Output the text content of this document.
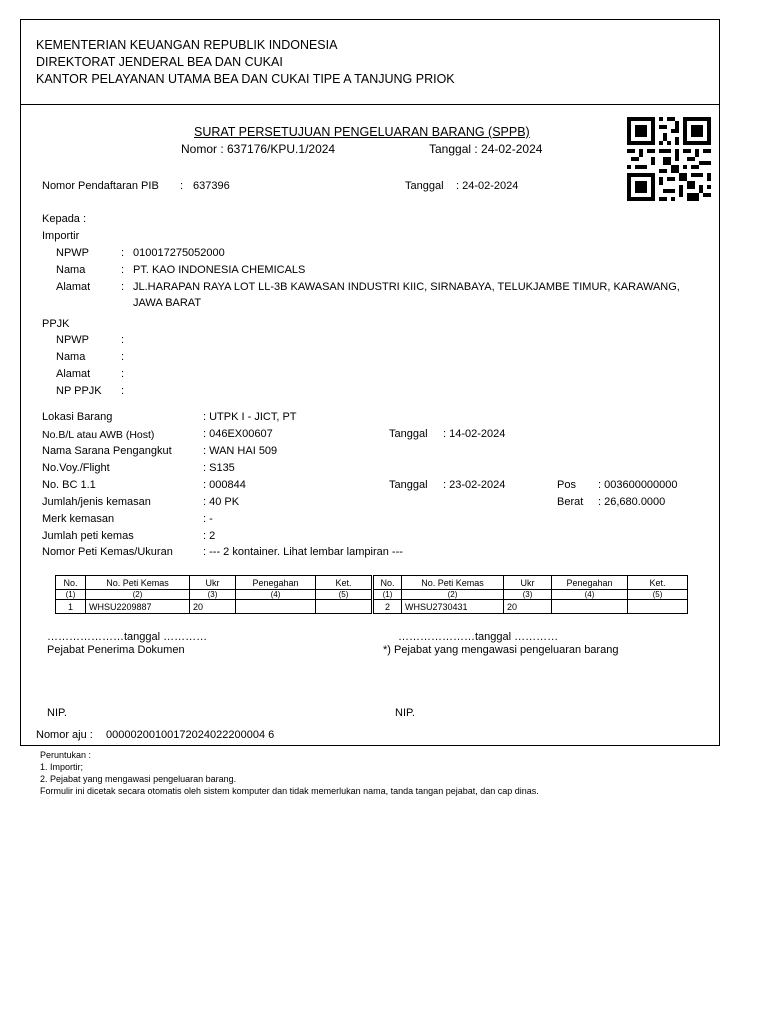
KEMENTERIAN KEUANGAN REPUBLIK INDONESIA
DIREKTORAT JENDERAL BEA DAN CUKAI
KANTOR PELAYANAN UTAMA BEA DAN CUKAI TIPE A TANJUNG PRIOK
SURAT PERSETUJUAN PENGELUARAN BARANG (SPPB)
Nomor : 637176/KPU.1/2024	Tanggal : 24-02-2024
Nomor Pendaftaran PIB : 637396	Tanggal : 24-02-2024
Kepada :
Importir
NPWP	: 010017275052000
Nama	: PT. KAO INDONESIA CHEMICALS
Alamat	: JL.HARAPAN RAYA LOT LL-3B KAWASAN INDUSTRI KIIC, SIRNABAYA, TELUKJAMBE TIMUR, KARAWANG,
JAWA BARAT
PPJK
NPWP	:
Nama	:
Alamat	:
NP PPJK :
Lokasi Barang	: UTPK I - JICT, PT
No.B/L atau AWB (Host)	: 046EX00607	Tanggal : 14-02-2024
Nama Sarana Pengangkut	: WAN HAI 509
No.Voy./Flight	: S135
No. BC 1.1	: 000844	Tanggal : 23-02-2024	Pos : 003600000000
Jumlah/jenis kemasan	: 40 PK	Berat : 26,680.0000
Merk kemasan	: -
Jumlah peti kemas	: 2
Nomor Peti Kemas/Ukuran	: --- 2 kontainer. Lihat lembar lampiran ---
No.	No. Peti Kemas	Ukr	Penegahan	Ket.
(1)	(2)	(3)	(4)	(5)
1	WHSU2209887	20		
No.	No. Peti Kemas	Ukr	Penegahan	Ket.
(1)	(2)	(3)	(4)	(5)
2	WHSU2730431	20		
…………………tanggal …………
Pejabat Penerima Dokumen
…………………tanggal …………
*) Pejabat yang mengawasi pengeluaran barang
NIP.	NIP.
Nomor aju : 00000200100172024022200004 6
Peruntukan :
1. Importir;
2. Pejabat yang mengawasi pengeluaran barang.
Formulir ini dicetak secara otomatis oleh sistem komputer dan tidak memerlukan nama, tanda tangan pejabat, dan cap dinas.
